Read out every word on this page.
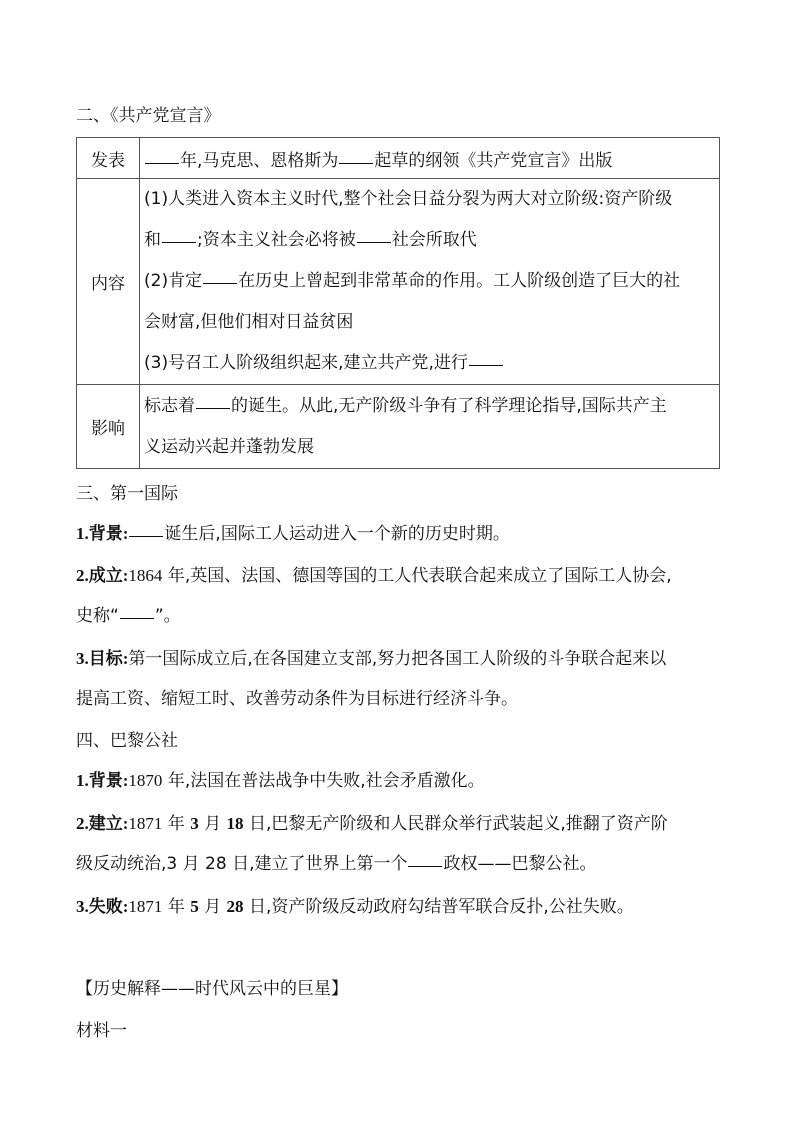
二、《共产党宣言》
发表	年,马克思、恩格斯为 起草的纲领《共产党宣言》出版
内容	(1)人类进入资本主义时代,整个社会日益分裂为两大对立阶级:资产阶级
和 ;资本主义社会必将被 社会所取代
(2)肯定 在历史上曾起到非常革命的作用。工人阶级创造了巨大的社
会财富,但他们相对日益贫困
(3)号召工人阶级组织起来,建立共产党,进行

影响	标志着 的诞生。从此,无产阶级斗争有了科学理论指导,国际共产主
义运动兴起并蓬勃发展
三、第一国际
1.背景: 诞生后,国际工人运动进入一个新的历史时期。
2.成立:1864 年,英国、法国、德国等国的工人代表联合起来成立了国际工人协会,
史称“ ”。
3.目标:第一国际成立后,在各国建立支部,努力把各国工人阶级的斗争联合起来以
提高工资、缩短工时、改善劳动条件为目标进行经济斗争。
四、巴黎公社
1.背景:1870 年,法国在普法战争中失败,社会矛盾激化。
2.建立:1871 年 3 月 18 日,巴黎无产阶级和人民群众举行武装起义,推翻了资产阶
级反动统治,3 月 28 日,建立了世界上第一个 政权——巴黎公社。
3.失败:1871 年 5 月 28 日,资产阶级反动政府勾结普军联合反扑,公社失败。
【历史解释——时代风云中的巨星】
材料一
